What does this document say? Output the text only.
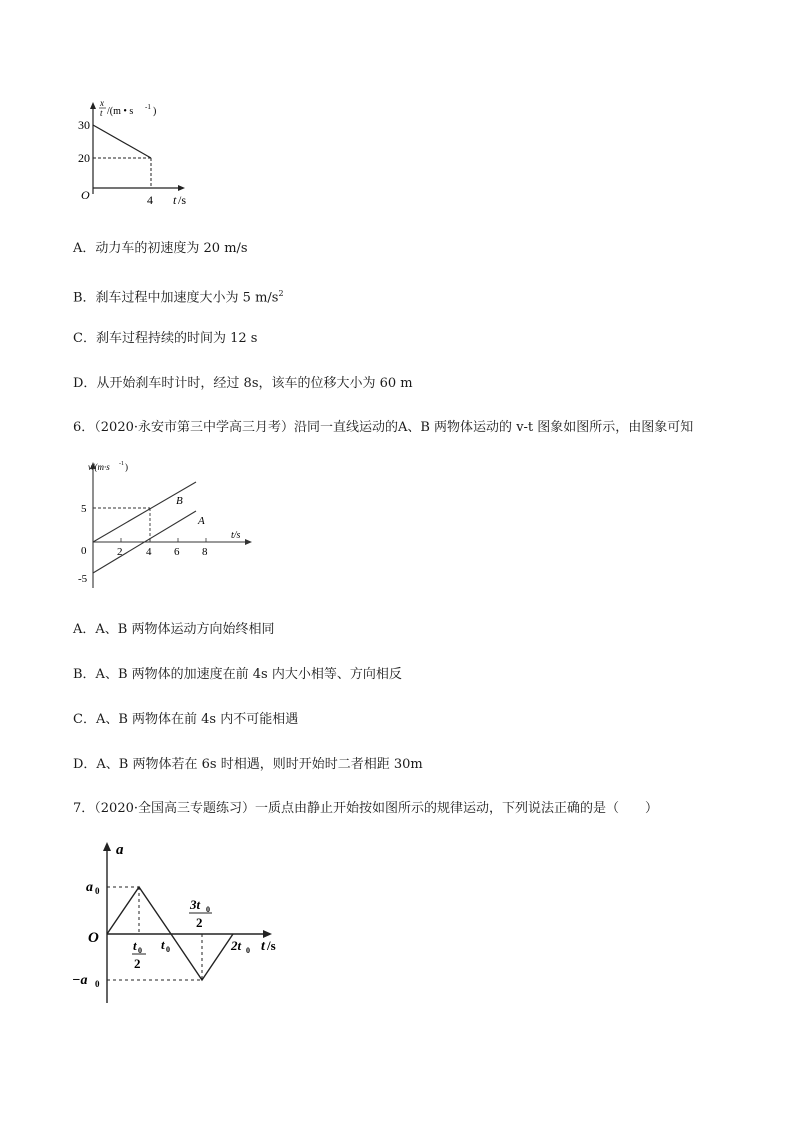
x
t /(m • s -1 )
30
20
O	4 t /s
A．动力车的初速度为 20 m/s
B．刹车过程中加速度大小为 5 $m/s^2$
C．刹车过程持续的时间为 12 s
D．从开始刹车时计时，经过 8s，该车的位移大小为 60 m
6．（2020·永安市第三中学高三月考）沿同一直线运动的A、B 两物体运动的 v-t 图象如图所示，由图象可知
v/(m·s -1 )
5
0
-5
2 4 6 8
B
A
t/s
A．A、B 两物体运动方向始终相同
B．A、B 两物体的加速度在前 4s 内大小相等、方向相反
C．A、B 两物体在前 4s 内不可能相遇
D．A、B 两物体若在 6s 时相遇，则时开始时二者相距 30m
7．（2020·全国高三专题练习）一质点由静止开始按如图所示的规律运动，下列说法正确的是（　　）
a
a 0
−a 0
O	t 0
2
t 0
3t 0
2
2t 0 t /s
